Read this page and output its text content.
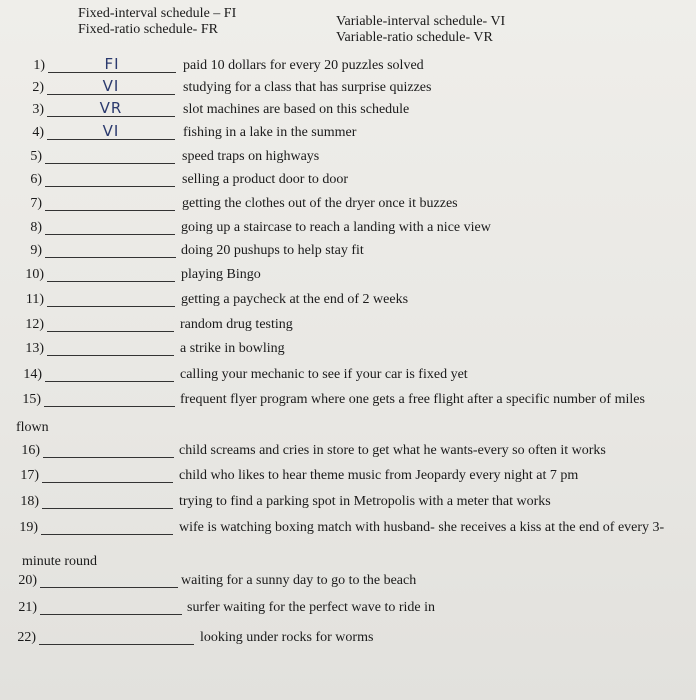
Fixed-interval schedule – FI
Fixed-ratio schedule- FR
Variable-interval schedule- VI
Variable-ratio schedule- VR
1)	FI	paid 10 dollars for every 20 puzzles solved
2)	VI	studying for a class that has surprise quizzes
3)	VR	slot machines are based on this schedule
4)	VI	fishing in a lake in the summer
5)	speed traps on highways
6)	selling a product door to door
7)	getting the clothes out of the dryer once it buzzes
8)	going up a staircase to reach a landing with a nice view
9)	doing 20 pushups to help stay fit
10)	playing Bingo
11)	getting a paycheck at the end of 2 weeks
12)	random drug testing
13)	a strike in bowling
14)	calling your mechanic to see if your car is fixed yet
15)	frequent flyer program where one gets a free flight after a specific number of miles
flown
16)	child screams and cries in store to get what he wants-every so often it works
17)	child who likes to hear theme music from Jeopardy every night at 7 pm
18)	trying to find a parking spot in Metropolis with a meter that works
19)	wife is watching boxing match with husband- she receives a kiss at the end of every 3-
minute round
20)	waiting for a sunny day to go to the beach
21)	surfer waiting for the perfect wave to ride in
22)	looking under rocks for worms
